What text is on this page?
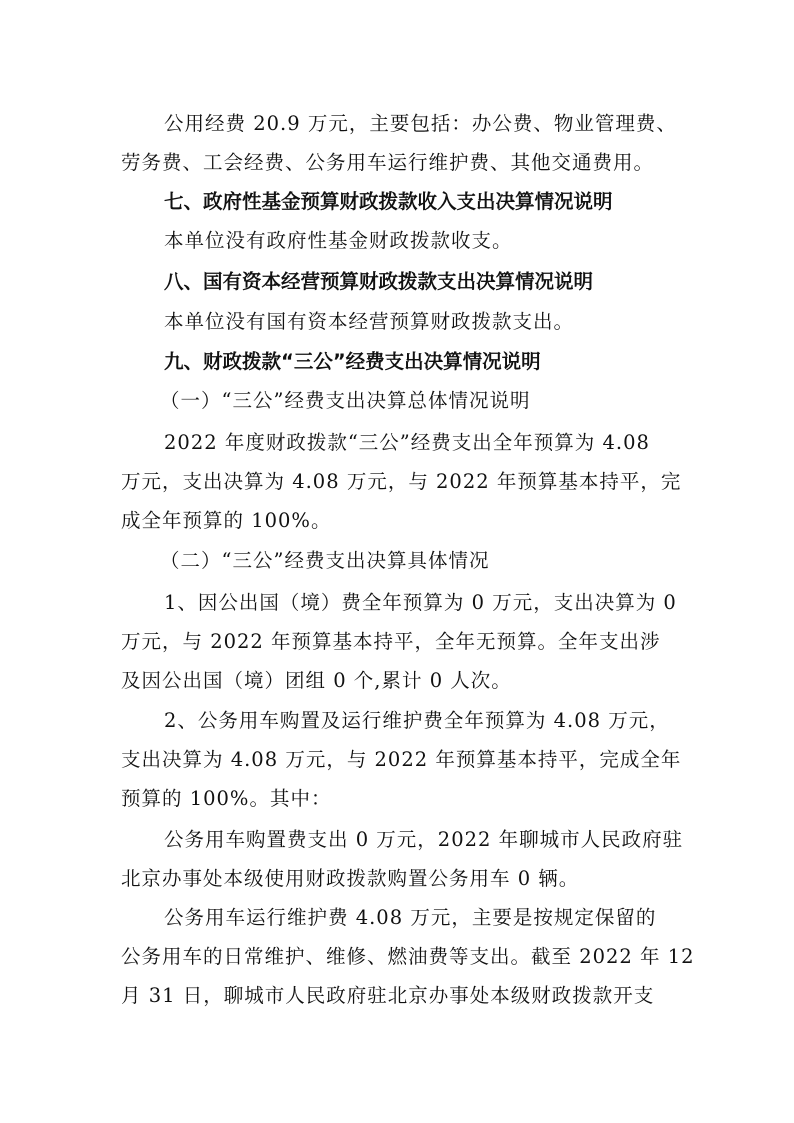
公用经费 20.9 万元，主要包括：办公费、物业管理费、
劳务费、工会经费、公务用车运行维护费、其他交通费用。

七、政府性基金预算财政拨款收入支出决算情况说明

本单位没有政府性基金财政拨款收支。

八、国有资本经营预算财政拨款支出决算情况说明

本单位没有国有资本经营预算财政拨款支出。

九、财政拨款“三公”经费支出决算情况说明

（一）“三公”经费支出决算总体情况说明

2022 年度财政拨款“三公”经费支出全年预算为 4.08
万元，支出决算为 4.08 万元，与 2022 年预算基本持平，完
成全年预算的 100%。

（二）“三公”经费支出决算具体情况

1、因公出国（境）费全年预算为 0 万元，支出决算为 0
万元，与 2022 年预算基本持平，全年无预算。全年支出涉
及因公出国（境）团组 0 个,累计 0 人次。

2、公务用车购置及运行维护费全年预算为 4.08 万元，
支出决算为 4.08 万元，与 2022 年预算基本持平，完成全年
预算的 100%。其中：

公务用车购置费支出 0 万元，2022 年聊城市人民政府驻
北京办事处本级使用财政拨款购置公务用车 0 辆。

公务用车运行维护费 4.08 万元，主要是按规定保留的
公务用车的日常维护、维修、燃油费等支出。截至 2022 年 12
月 31 日，聊城市人民政府驻北京办事处本级财政拨款开支
